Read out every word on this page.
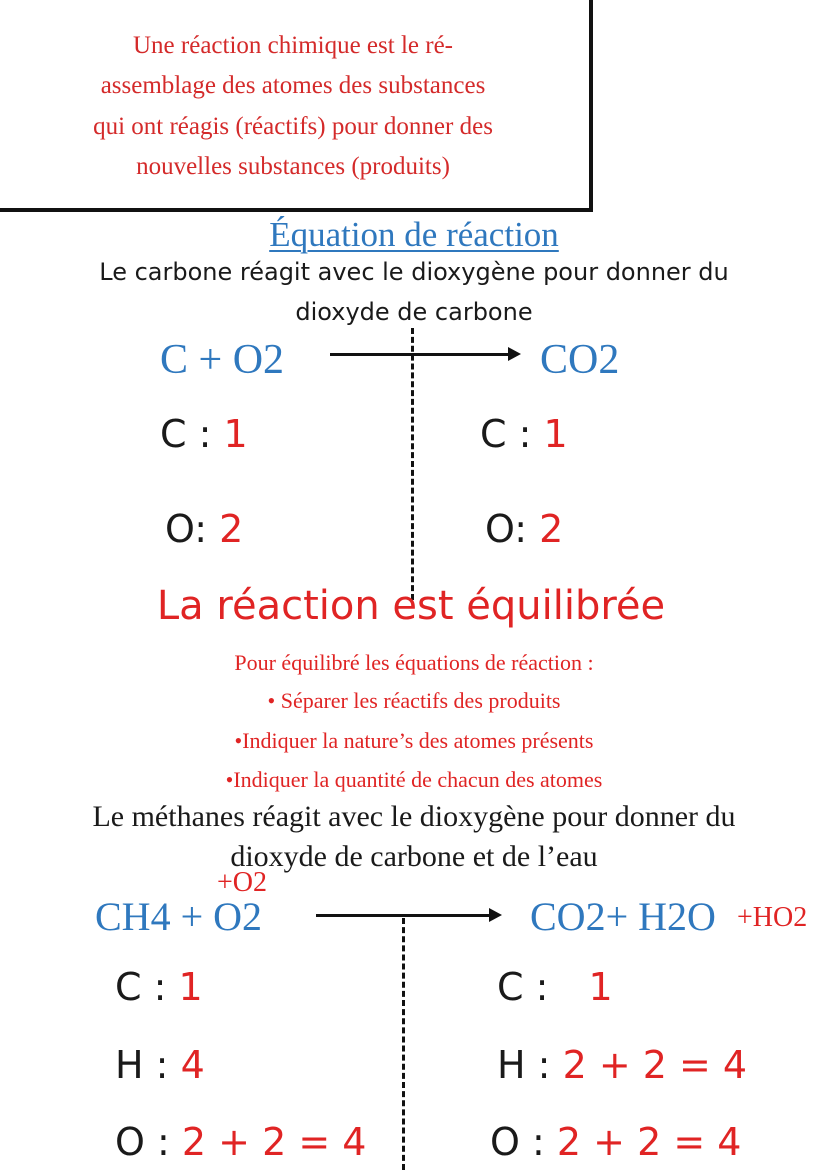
Une réaction chimique est le ré-
assemblage des atomes des substances
qui ont réagis (réactifs) pour donner des
nouvelles substances (produits)
Équation de réaction
Le carbone réagit avec le dioxygène pour donner du
dioxyde de carbone
C + O2	CO2
C : 1
O: 2
C : 1
O: 2
La réaction est équilibrée
Pour équilibré les équations de réaction :
• Séparer les réactifs des produits
•Indiquer la nature’s des atomes présents
•Indiquer la quantité de chacun des atomes
Le méthanes réagit avec le dioxygène pour donner du
dioxyde de carbone et de l’eau
+O2
CH4 + O2	CO2+ H2O +HO2
C : 1
H : 4
O : 2 + 2 = 4
C : 1
H : 2 + 2 = 4
O : 2 + 2 = 4
